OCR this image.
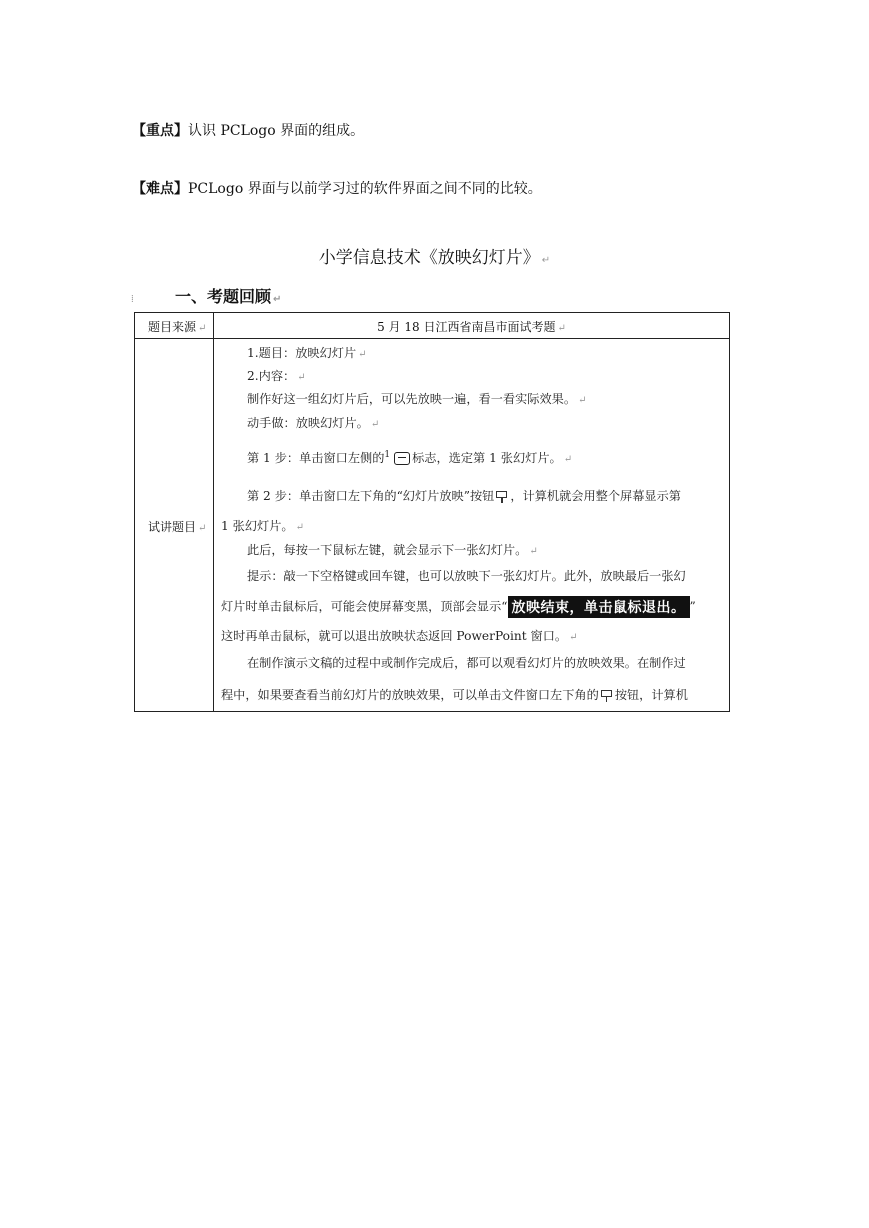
【重点】认识 PCLogo 界面的组成。
【难点】PCLogo 界面与以前学习过的软件界面之间不同的比较。
小学信息技术《放映幻灯片》 ↵
⁞	一、考题回顾 ↵
题目来源 ↵	5 月 18 日江西省南昌市面试考题 ↵
试讲题目 ↵
1.题目：放映幻灯片 ↵
2.内容： ↵
制作好这一组幻灯片后，可以先放映一遍，看一看实际效果。 ↵
动手做：放映幻灯片。 ↵
第 1 步：单击窗口左侧的$^1$ 标志，选定第 1 张幻灯片。 ↵
第 2 步：单击窗口左下角的“幻灯片放映”按钮 ，计算机就会用整个屏幕显示第
1 张幻灯片。 ↵
此后，每按一下鼠标左键，就会显示下一张幻灯片。 ↵
提示：敲一下空格键或回车键，也可以放映下一张幻灯片。此外，放映最后一张幻
灯片时单击鼠标后，可能会使屏幕变黑，顶部会显示“ 放映结束，单击鼠标退出。 ”
这时再单击鼠标，就可以退出放映状态返回 PowerPoint 窗口。 ↵
在制作演示文稿的过程中或制作完成后，都可以观看幻灯片的放映效果。在制作过
程中，如果要查看当前幻灯片的放映效果，可以单击文件窗口左下角的 按钮，计算机
